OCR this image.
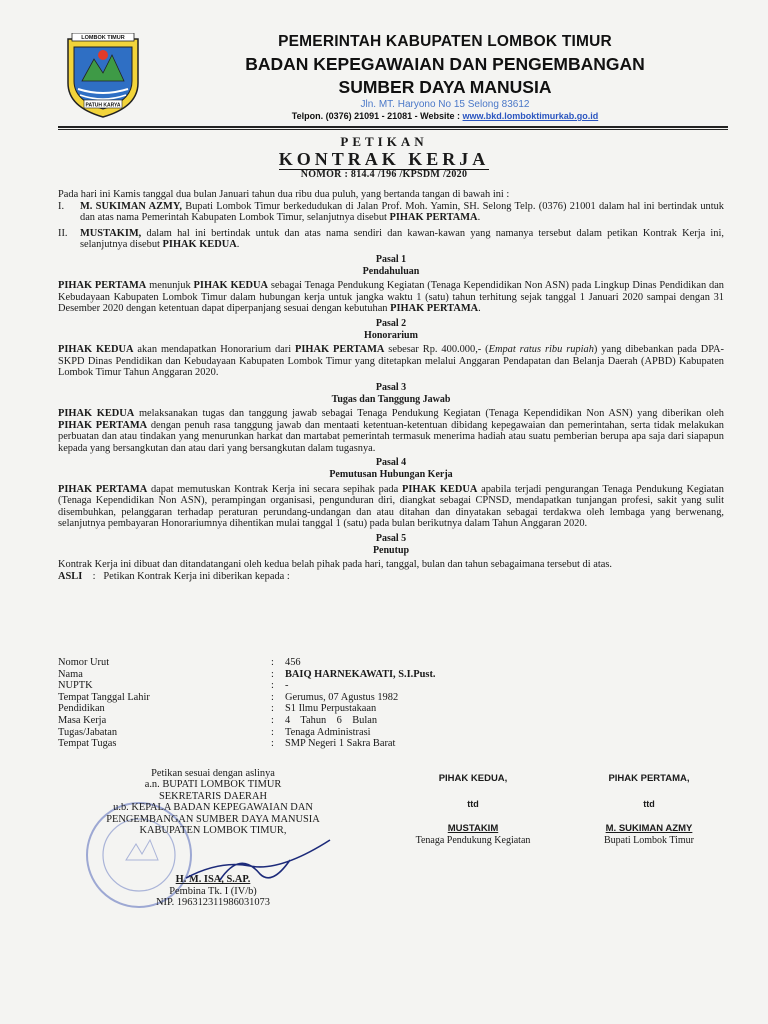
PATUH KARYA
LOMBOK TIMUR	PEMERINTAH KABUPATEN LOMBOK TIMUR
BADAN KEPEGAWAIAN DAN PENGEMBANGAN
SUMBER DAYA MANUSIA
Jln. MT. Haryono No 15 Selong 83612
Telpon. (0376) 21091 - 21081 - Website : www.bkd.lomboktimurkab.go.id
PETIKAN
KONTRAK KERJA
NOMOR : 814.4 /196 /KPSDM /2020

Pada hari ini Kamis tanggal dua bulan Januari tahun dua ribu dua puluh, yang bertanda tangan di bawah ini :

I.	M. SUKIMAN AZMY, Bupati Lombok Timur berkedudukan di Jalan Prof. Moh. Yamin, SH. Selong Telp. (0376) 21001 dalam hal ini bertindak untuk dan atas nama Pemerintah Kabupaten Lombok Timur, selanjutnya disebut PIHAK PERTAMA.
II.	MUSTAKIM, dalam hal ini bertindak untuk dan atas nama sendiri dan kawan-kawan yang namanya tersebut dalam petikan Kontrak Kerja ini, selanjutnya disebut PIHAK KEDUA.
Pasal 1
Pendahuluan

PIHAK PERTAMA menunjuk PIHAK KEDUA sebagai Tenaga Pendukung Kegiatan (Tenaga Kependidikan Non ASN) pada Lingkup Dinas Pendidikan dan Kebudayaan Kabupaten Lombok Timur dalam hubungan kerja untuk jangka waktu 1 (satu) tahun terhitung sejak tanggal 1 Januari 2020 sampai dengan 31 Desember 2020 dengan ketentuan dapat diperpanjang sesuai dengan kebutuhan PIHAK PERTAMA.

Pasal 2
Honorarium

PIHAK KEDUA akan mendapatkan Honorarium dari PIHAK PERTAMA sebesar Rp. 400.000,- (Empat ratus ribu rupiah) yang dibebankan pada DPA-SKPD Dinas Pendidikan dan Kebudayaan Kabupaten Lombok Timur yang ditetapkan melalui Anggaran Pendapatan dan Belanja Daerah (APBD) Kabupaten Lombok Timur Tahun Anggaran 2020.

Pasal 3
Tugas dan Tanggung Jawab

PIHAK KEDUA melaksanakan tugas dan tanggung jawab sebagai Tenaga Pendukung Kegiatan (Tenaga Kependidikan Non ASN) yang diberikan oleh PIHAK PERTAMA dengan penuh rasa tanggung jawab dan mentaati ketentuan-ketentuan dibidang kepegawaian dan pemerintahan, serta tidak melakukan perbuatan dan atau tindakan yang menurunkan harkat dan martabat pemerintah termasuk menerima hadiah atau suatu pemberian berupa apa saja dari siapapun kepada yang bersangkutan dan atau dari yang bersangkutan dalam tugasnya.

Pasal 4
Pemutusan Hubungan Kerja

PIHAK PERTAMA dapat memutuskan Kontrak Kerja ini secara sepihak pada PIHAK KEDUA apabila terjadi pengurangan Tenaga Pendukung Kegiatan (Tenaga Kependidikan Non ASN), perampingan organisasi, pengunduran diri, diangkat sebagai CPNSD, mendapatkan tunjangan profesi, sakit yang sulit disembuhkan, pelanggaran terhadap peraturan perundang-undangan dan atau ditahan dan dinyatakan sebagai terdakwa oleh lembaga yang berwenang, selanjutnya pembayaran Honorariumnya dihentikan mulai tanggal 1 (satu) pada bulan berikutnya dalam Tahun Anggaran 2020.

Pasal 5
Penutup

Kontrak Kerja ini dibuat dan ditandatangani oleh kedua belah pihak pada hari, tanggal, bulan dan tahun sebagaimana tersebut di atas.

ASLI : Petikan Kontrak Kerja ini diberikan kepada :
Nomor Urut	:	456
Nama	:	BAIQ HARNEKAWATI, S.I.Pust.
NUPTK	:	-
Tempat Tanggal Lahir	:	Gerumus, 07 Agustus 1982
Pendidikan	:	S1 Ilmu Perpustakaan
Masa Kerja	:	4    Tahun    6    Bulan
Tugas/Jabatan	:	Tenaga Administrasi
Tempat Tugas	:	SMP Negeri 1 Sakra Barat
Petikan sesuai dengan aslinya
a.n. BUPATI LOMBOK TIMUR
SEKRETARIS DAERAH
u.b. KEPALA BADAN KEPEGAWAIAN DAN
PENGEMBANGAN SUMBER DAYA MANUSIA
KABUPATEN LOMBOK TIMUR,
H. M. ISA, S.AP.
Pembina Tk. I (IV/b)
NIP. 196312311986031073
PIHAK KEDUA,
ttd
MUSTAKIM
Tenaga Pendukung Kegiatan
PIHAK PERTAMA,
ttd
M. SUKIMAN AZMY
Bupati Lombok Timur
